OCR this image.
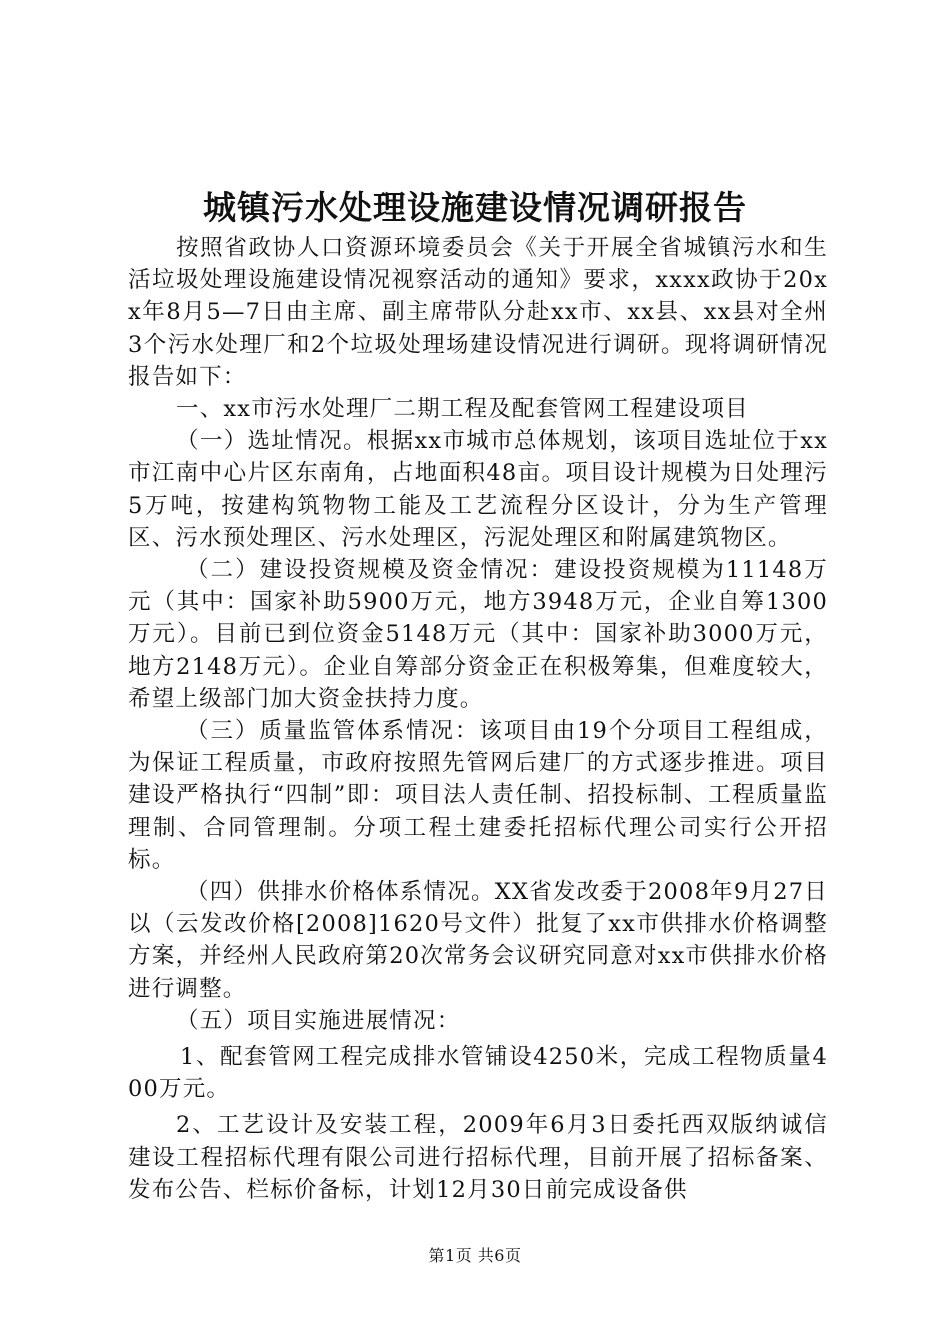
城镇污水处理设施建设情况调研报告

按照省政协人口资源环境委员会《关于开展全省城镇污水和生活垃圾处理设施建设情况视察活动的通知》要求，xxxx政协于20xx年8月5—7日由主席、副主席带队分赴xx市、xx县、xx县对全州3个污水处理厂和2个垃圾处理场建设情况进行调研。现将调研情况报告如下：

一、xx市污水处理厂二期工程及配套管网工程建设项目

（一）选址情况。根据xx市城市总体规划，该项目选址位于xx市江南中心片区东南角，占地面积48亩。项目设计规模为日处理污5万吨，按建构筑物物工能及工艺流程分区设计，分为生产管理区、污水预处理区、污水处理区，污泥处理区和附属建筑物区。

（二）建设投资规模及资金情况：建设投资规模为11148万元（其中：国家补助5900万元，地方3948万元，企业自筹1300万元）。目前已到位资金5148万元（其中：国家补助3000万元，地方2148万元）。企业自筹部分资金正在积极筹集，但难度较大，希望上级部门加大资金扶持力度。

（三）质量监管体系情况：该项目由19个分项目工程组成，为保证工程质量，市政府按照先管网后建厂的方式逐步推进。项目建设严格执行“四制”即：项目法人责任制、招投标制、工程质量监理制、合同管理制。分项工程土建委托招标代理公司实行公开招标。

（四）供排水价格体系情况。XX省发改委于2008年9月27日以（云发改价格[2008]1620号文件）批复了xx市供排水价格调整方案，并经州人民政府第20次常务会议研究同意对xx市供排水价格进行调整。

（五）项目实施进展情况：

1、配套管网工程完成排水管铺设4250米，完成工程物质量400万元。

2、工艺设计及安装工程，2009年6月3日委托西双版纳诚信建设工程招标代理有限公司进行招标代理，目前开展了招标备案、发布公告、栏标价备标，计划12月30日前完成设备供

第1页 共6页
